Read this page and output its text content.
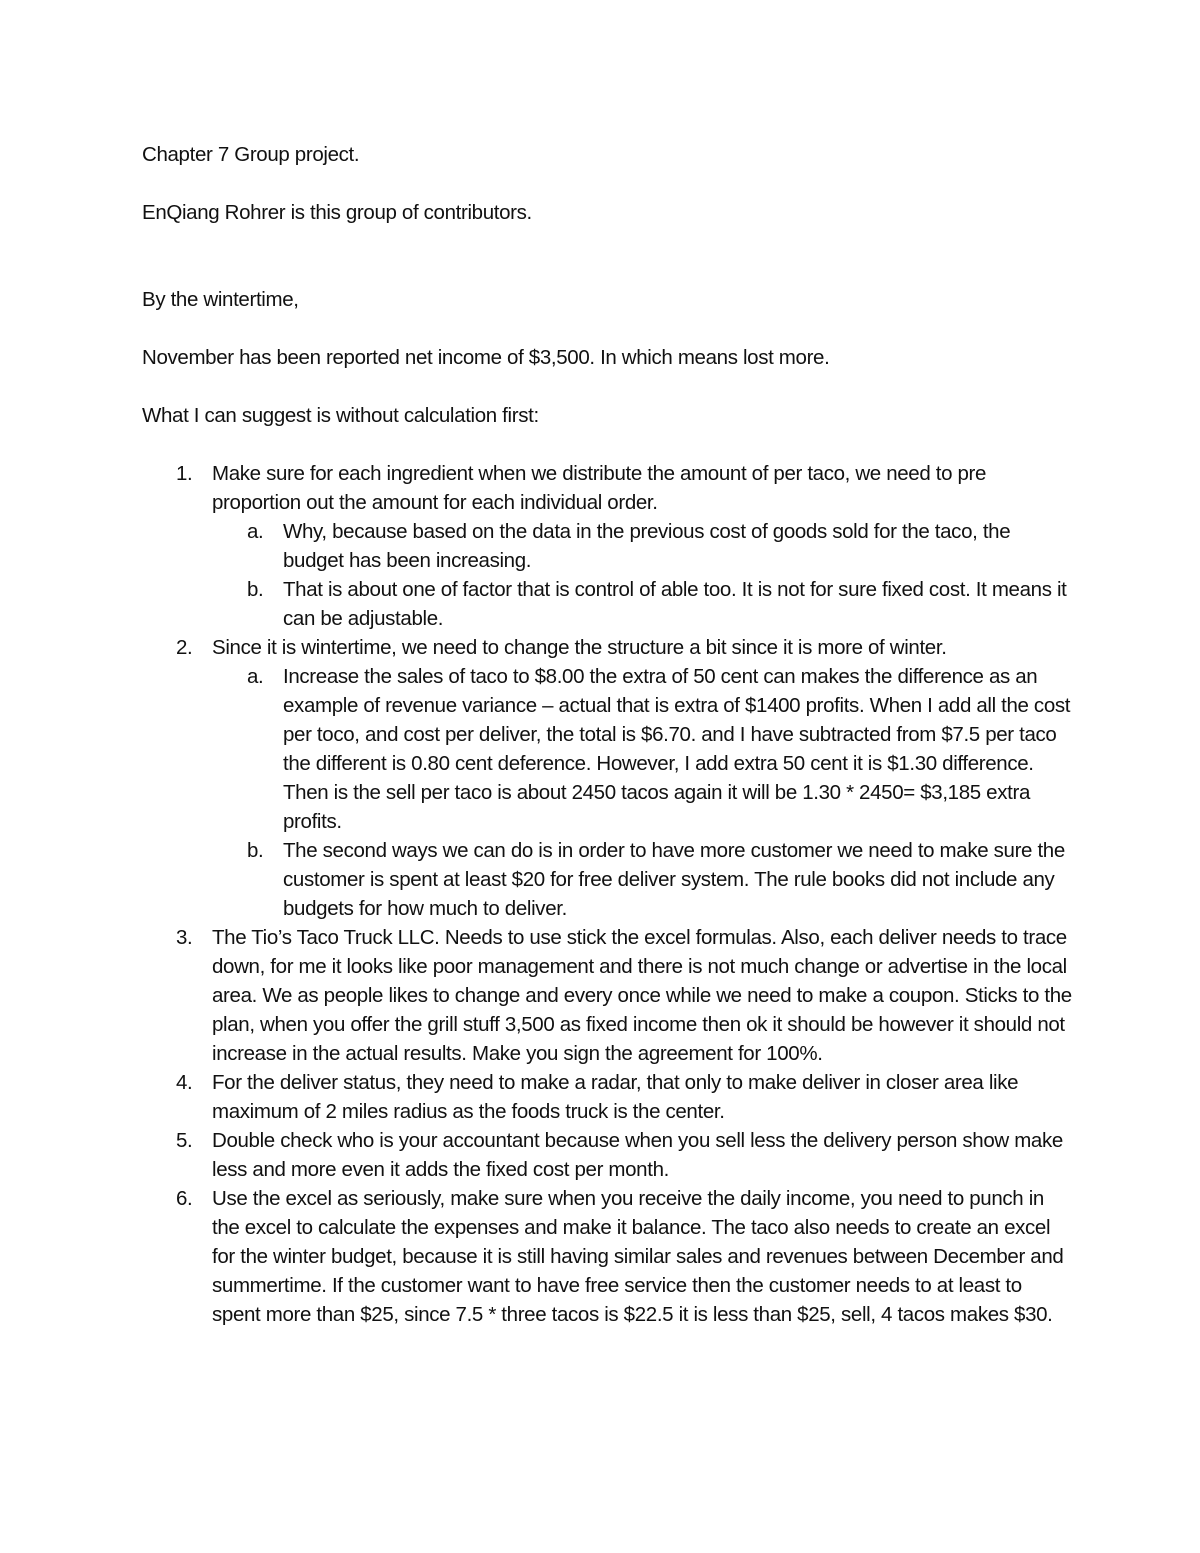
Chapter 7 Group project.

EnQiang Rohrer is this group of contributors.

By the wintertime,

November has been reported net income of $3,500. In which means lost more.

What I can suggest is without calculation first:

1. Make sure for each ingredient when we distribute the amount of per taco, we need to pre proportion out the amount for each individual order.
a. Why, because based on the data in the previous cost of goods sold for the taco, the budget has been increasing.
b. That is about one of factor that is control of able too. It is not for sure fixed cost. It means it can be adjustable.
2. Since it is wintertime, we need to change the structure a bit since it is more of winter.
a. Increase the sales of taco to $8.00 the extra of 50 cent can makes the difference as an example of revenue variance – actual that is extra of $1400 profits. When I add all the cost per toco, and cost per deliver, the total is $6.70. and I have subtracted from $7.5 per taco the different is 0.80 cent deference. However, I add extra 50 cent it is $1.30 difference. Then is the sell per taco is about 2450 tacos again it will be 1.30 * 2450= $3,185 extra profits.
b. The second ways we can do is in order to have more customer we need to make sure the customer is spent at least $20 for free deliver system. The rule books did not include any budgets for how much to deliver.
3. The Tio’s Taco Truck LLC. Needs to use stick the excel formulas. Also, each deliver needs to trace down, for me it looks like poor management and there is not much change or advertise in the local area. We as people likes to change and every once while we need to make a coupon. Sticks to the plan, when you offer the grill stuff 3,500 as fixed income then ok it should be however it should not increase in the actual results. Make you sign the agreement for 100%.
4. For the deliver status, they need to make a radar, that only to make deliver in closer area like maximum of 2 miles radius as the foods truck is the center.
5. Double check who is your accountant because when you sell less the delivery person show make less and more even it adds the fixed cost per month.
6. Use the excel as seriously, make sure when you receive the daily income, you need to punch in the excel to calculate the expenses and make it balance. The taco also needs to create an excel for the winter budget, because it is still having similar sales and revenues between December and summertime. If the customer want to have free service then the customer needs to at least to spent more than $25, since 7.5 * three tacos is $22.5 it is less than $25, sell, 4 tacos makes $30.
